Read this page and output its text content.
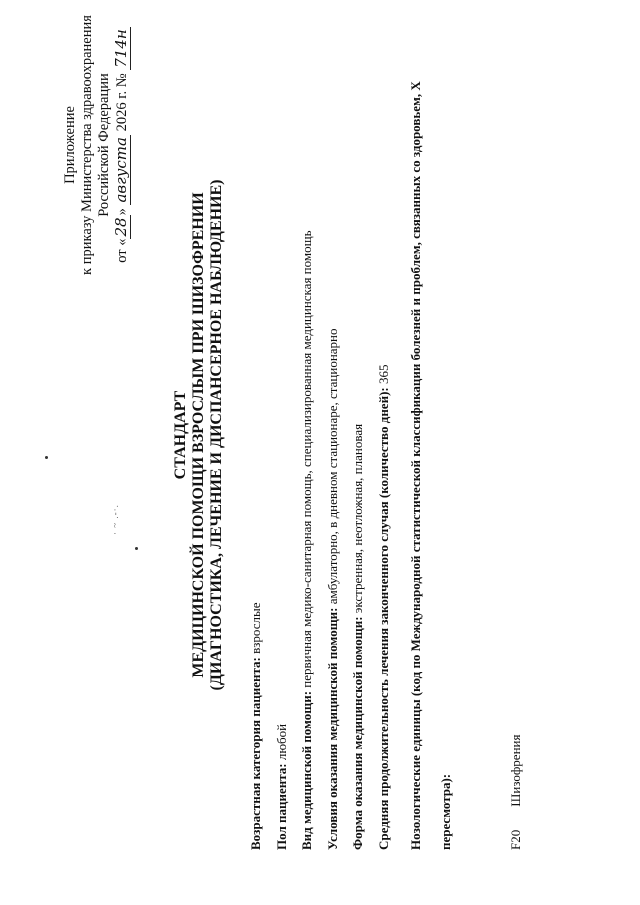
Приложение к приказу Министерства здравоохранения Российской Федерации
от «28» августа 2026 г. № 714н
СТАНДАРТ МЕДИЦИНСКОЙ ПОМОЩИ ВЗРОСЛЫМ ПРИ ШИЗОФРЕНИИ (ДИАГНОСТИКА, ЛЕЧЕНИЕ И ДИСПАНСЕРНОЕ НАБЛЮДЕНИЕ)
· ~ .-·.
Возрастная категория пациента: взрослые
Пол пациента: любой Вид медицинской помощи: первичная медико-санитарная помощь, специализированная медицинская помощь
Условия оказания медицинской помощи: амбулаторно, в дневном стационаре, стационарно
Форма оказания медицинской помощи: экстренная, неотложная, плановая Средняя продолжительность лечения законченного случая (количество дней): 365	Нозологические единицы (код по Международной статистической классификации болезней и проблем, связанных со здоровьем, X пересмотра):	F20 Шизофрения
